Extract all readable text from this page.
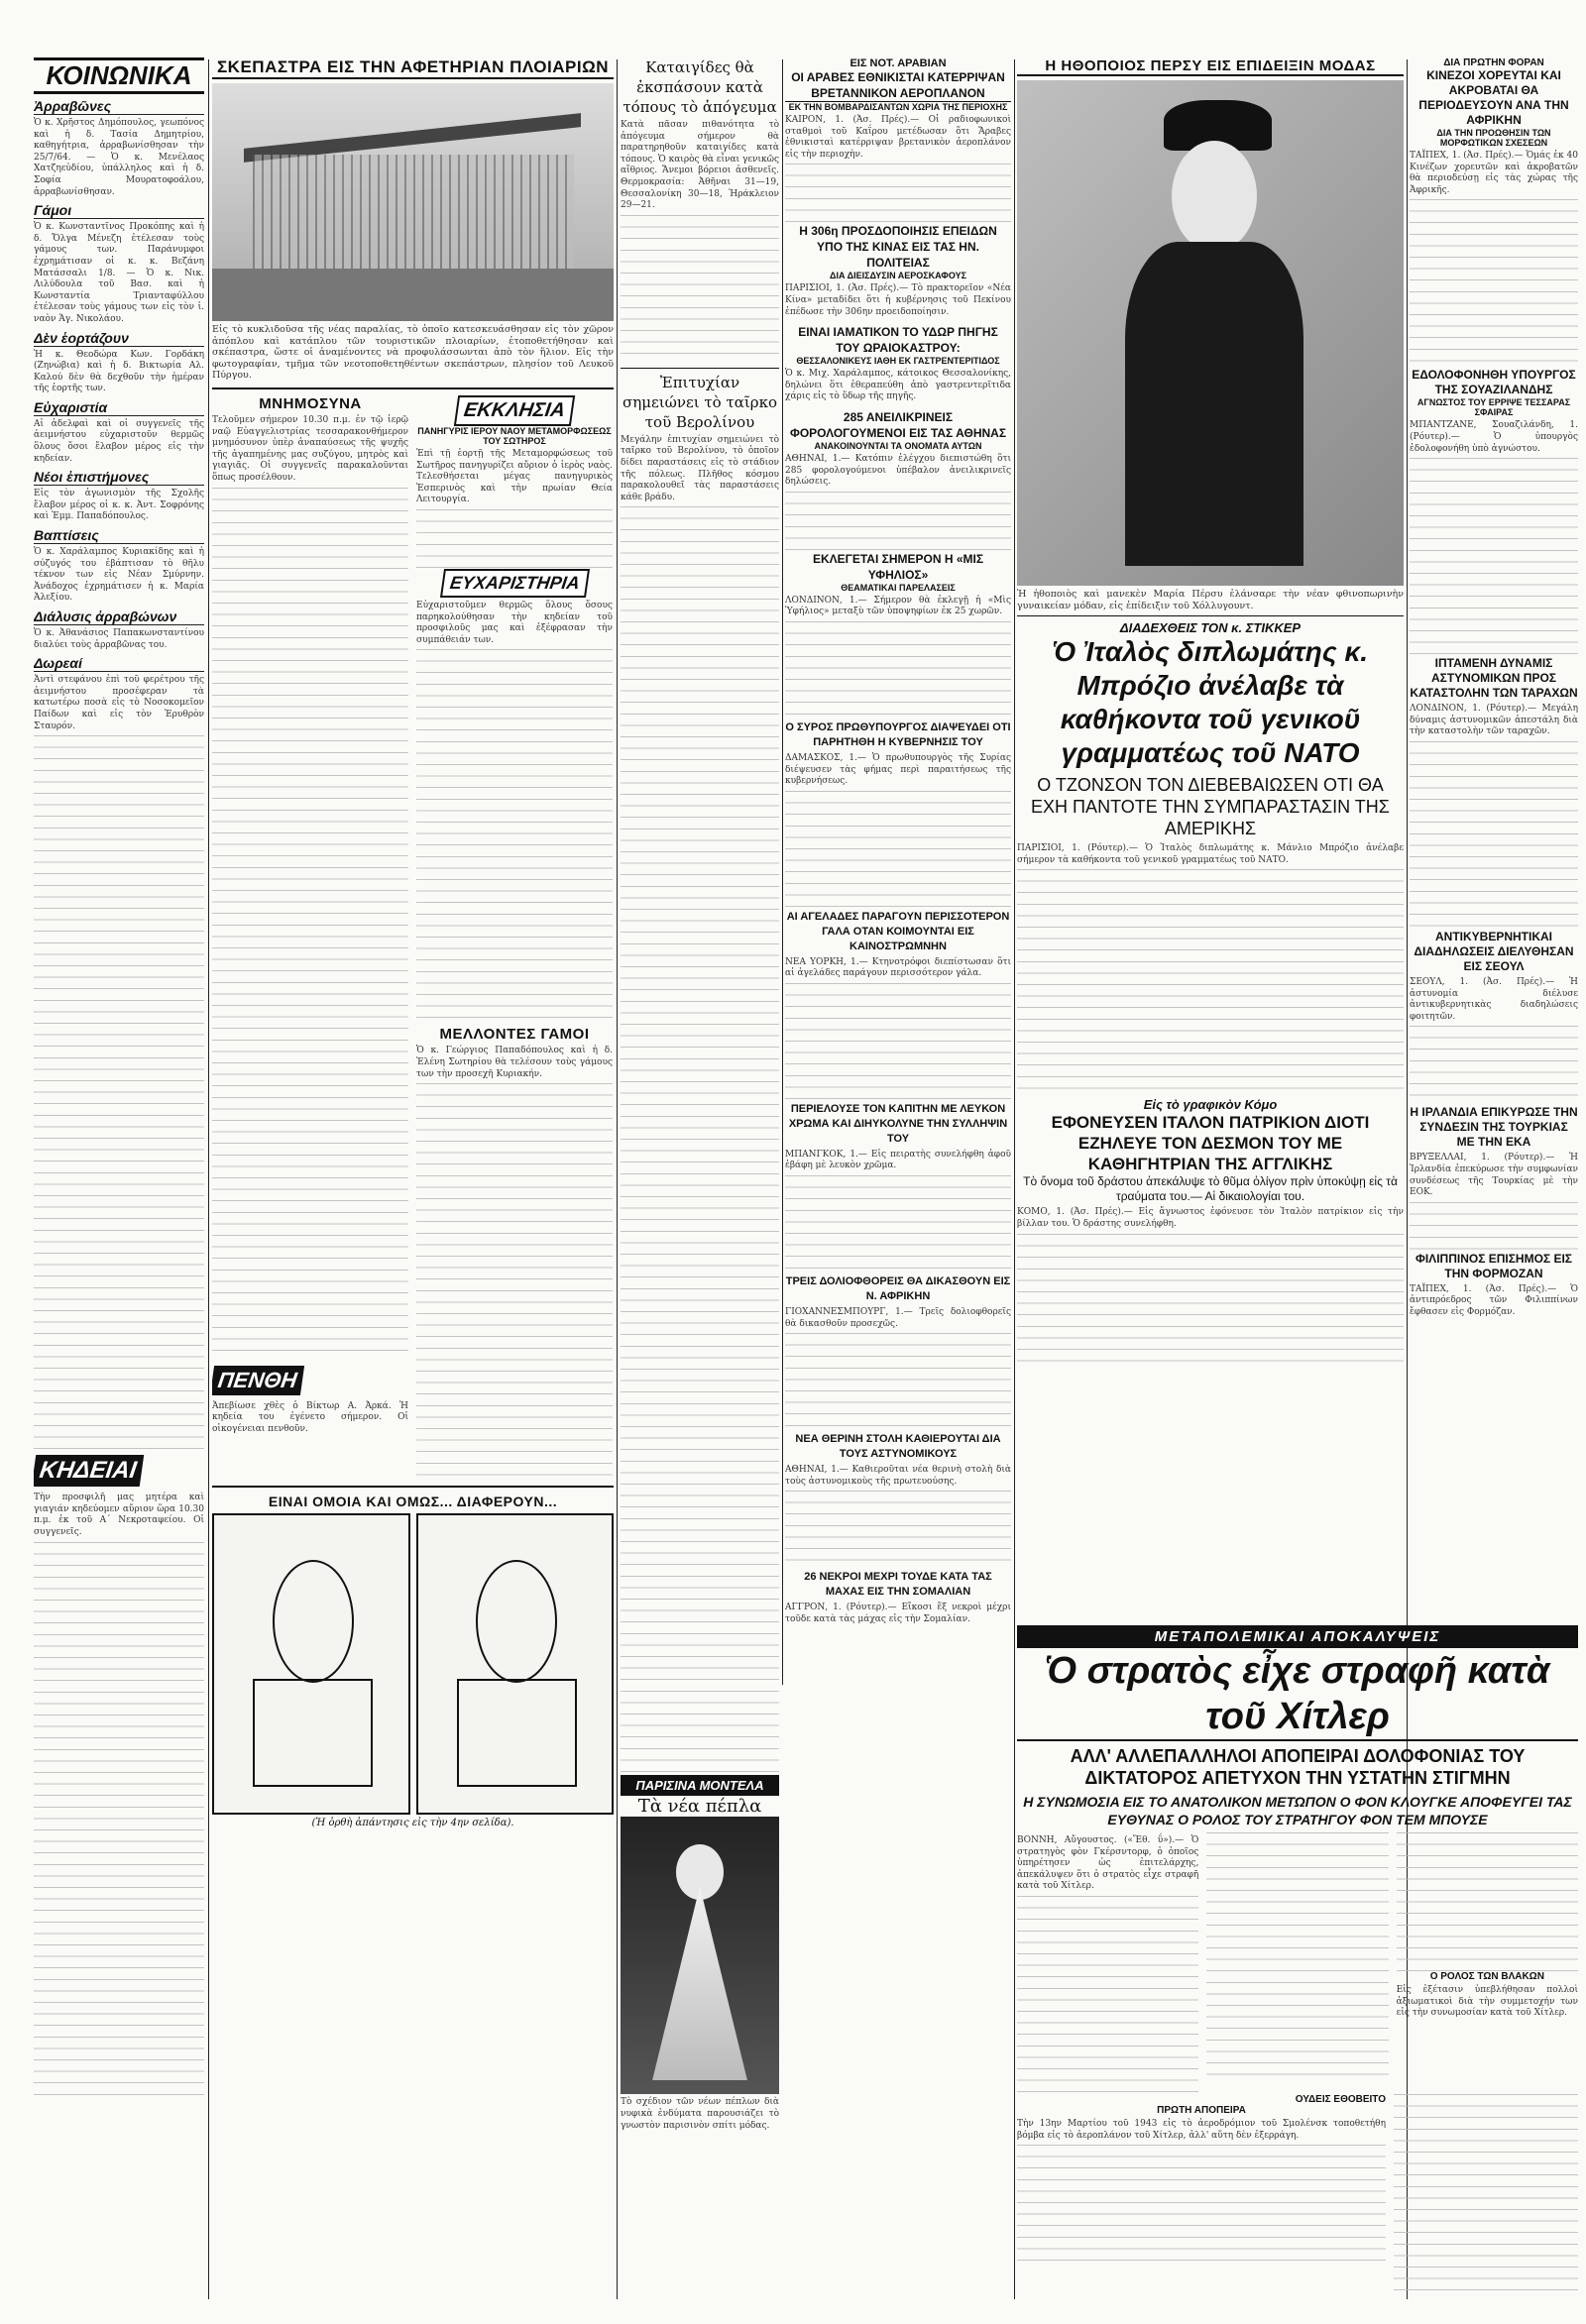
ΚΟΙΝΩΝΙΚΑ
Ἀρραβῶνες

Ὁ κ. Χρῆστος Δημόπουλος, γεωπόνος καὶ ἡ δ. Τασία Δημητρίου, καθηγήτρια, ἀρραβωνίσθησαν τὴν 25/7/64. — Ὁ κ. Μενέλαος Χατζηεὐδίου, ὑπάλληλος καὶ ἡ δ. Σοφία Μουρατοφοάλου, ἀρραβωνίσθησαν.

Γάμοι

Ὁ κ. Κωνσταντῖνος Προκόπης καὶ ἡ δ. Ὄλγα Μένεζη ἐτέλεσαν τοὺς γάμους των. Παράνυμφοι ἐχρημάτισαν οἱ κ. κ. Βεζάνη Ματάσσαλι 1/8. — Ὁ κ. Νικ. Λιλύδουλα τοῦ Βασ. καὶ ἡ Κωνσταντία Τριανταφύλλου ἐτέλεσαν τοὺς γάμους των εἰς τὸν ἱ. ναὸν Ἁγ. Νικολάου.

Δὲν ἑορτάζουν

Ἡ κ. Θεοδώρα Κων. Γορδάκη (Ζηνώβια) καὶ ἡ δ. Βικτωρία Αλ. Καλού δὲν θὰ δεχθοῦν τὴν ἡμέραν τῆς ἑορτῆς των.

Εὐχαριστία

Αἱ ἀδελφαὶ καὶ οἱ συγγενεῖς τῆς ἀειμνήστου εὐχαριστοῦν θερμῶς ὅλους ὅσοι ἔλαβον μέρος εἰς τὴν κηδείαν.

Νέοι ἐπιστήμονες

Εἰς τὸν ἀγωνισμὸν τῆς Σχολῆς ἔλαβον μέρος οἱ κ. κ. Ἀντ. Σοφρόνης καὶ Ἐμμ. Παπαδόπουλος.

Βαπτίσεις

Ὁ κ. Χαράλαμπος Κυριακίδης καὶ ἡ σύζυγός του ἐβάπτισαν τὸ θῆλυ τέκνον των εἰς Νέαν Σμύρνην. Ἀνάδοχος ἐχρημάτισεν ἡ κ. Μαρία Ἀλεξίου.

Διάλυσις ἀρραβώνων

Ὁ κ. Ἀθανάσιος Παπακωνσταντίνου διαλύει τοὺς ἀρραβῶνας του.

Δωρεαί

Ἀντὶ στεφάνου ἐπὶ τοῦ φερέτρου τῆς ἀειμνήστου προσέφεραν τὰ κατωτέρω ποσὰ εἰς τὸ Νοσοκομεῖον Παίδων καὶ εἰς τὸν Ἐρυθρὸν Σταυρόν.

ΚΗΔΕΙΑΙ

Τὴν προσφιλῆ μας μητέρα καὶ γιαγιάν κηδεύομεν αὔριον ὥρα 10.30 π.μ. ἐκ τοῦ Α΄ Νεκροταφείου. Οἱ συγγενεῖς.

ΣΚΕΠΑΣΤΡΑ ΕΙΣ ΤΗΝ ΑΦΕΤΗΡΙΑΝ ΠΛΟΙΑΡΙΩΝ

Εἰς τὸ κυκλιδοῦσα τῆς νέας παραλίας, τὸ ὁποῖο κατεσκευάσθησαν εἰς τὸν χῶρον ἀπόπλου καὶ κατάπλου τῶν τουριστικῶν πλοιαρίων, ἐτοποθετήθησαν καὶ σκέπαστρα, ὥστε οἱ ἀναμένοντες νὰ προφυλάσσωνται ἀπὸ τὸν ἥλιον. Εἰς τὴν φωτογραφίαν, τμῆμα τῶν νεοτοποθετηθέντων σκεπάστρων, πλησίον τοῦ Λευκοῦ Πύργου.

ΜΝΗΜΟΣΥΝΑ

Τελοῦμεν σήμερον 10.30 π.μ. ἐν τῷ ἱερῷ ναῷ Εὐαγγελιστρίας τεσσαρακονθήμερον μνημόσυνον ὑπὲρ ἀναπαύσεως τῆς ψυχῆς τῆς ἀγαπημένης μας συζύγου, μητρὸς καὶ γιαγιᾶς. Οἱ συγγενεῖς παρακαλοῦνται ὅπως προσέλθουν.

ΠΕΝΘΗ

Ἀπεβίωσε χθὲς ὁ Βίκτωρ Α. Ἀρκά. Ἡ κηδεία του ἐγένετο σήμερον. Οἱ οἰκογένειαι πενθοῦν.

ΕΚΚΛΗΣΙΑ
ΠΑΝΗΓΥΡΙΣ ΙΕΡΟΥ ΝΑΟΥ ΜΕΤΑΜΟΡΦΩΣΕΩΣ ΤΟΥ ΣΩΤΗΡΟΣ

Ἐπὶ τῇ ἑορτῇ τῆς Μεταμορφώσεως τοῦ Σωτῆρος πανηγυρίζει αὔριον ὁ ἱερὸς ναὸς. Τελεσθήσεται μέγας πανηγυρικὸς Ἑσπερινὸς καὶ τὴν πρωίαν Θεία Λειτουργία.

ΕΥΧΑΡΙΣΤΗΡΙΑ

Εὐχαριστοῦμεν θερμῶς ὅλους ὅσους παρηκολούθησαν τὴν κηδείαν τοῦ προσφιλοῦς μας καὶ ἐξέφρασαν τὴν συμπάθειάν των.

ΜΕΛΛΟΝΤΕΣ ΓΑΜΟΙ

Ὁ κ. Γεώργιος Παπαδόπουλος καὶ ἡ δ. Ἐλένη Σωτηρίου θὰ τελέσουν τοὺς γάμους των τὴν προσεχῆ Κυριακήν.

ΕΙΝΑΙ ΟΜΟΙΑ ΚΑΙ ΟΜΩΣ... ΔΙΑΦΕΡΟΥΝ...
(Ἡ ὀρθὴ ἀπάντησις εἰς τὴν 4ην σελίδα).
Καταιγίδες θὰ ἐκσπάσουν κατὰ τόπους τὸ ἀπόγευμα

Κατὰ πᾶσαν πιθανότητα τὸ ἀπόγευμα σήμερον θὰ παρατηρηθοῦν καταιγίδες κατὰ τόπους. Ὁ καιρὸς θὰ εἶναι γενικῶς αἴθριος. Ἄνεμοι βόρειοι ἀσθενεῖς. Θερμοκρασία: Ἀθῆναι 31—19, Θεσσαλονίκη 30—18, Ἡράκλειον 29—21.

Ἐπιτυχίαν σημειώνει τὸ ταῖρκο τοῦ Βερολίνου

Μεγάλην ἐπιτυχίαν σημειώνει τὸ ταῖρκο τοῦ Βερολίνου, τὸ ὁποῖον δίδει παραστάσεις εἰς τὸ στάδιον τῆς πόλεως. Πλῆθος κόσμου παρακολουθεῖ τὰς παραστάσεις κάθε βράδυ.

ΠΑΡΙΣΙΝΑ ΜΟΝΤΕΛΑ
Τὰ νέα πέπλα

Τὸ σχέδιον τῶν νέων πέπλων διὰ νυφικὰ ἐνδύματα παρουσιάζει τὸ γνωστὸν παρισινὸν σπίτι μόδας.

ΕΙΣ ΝΟΤ. ΑΡΑΒΙΑΝ
ΟΙ ΑΡΑΒΕΣ ΕΘΝΙΚΙΣΤΑΙ ΚΑΤΕΡΡΙΨΑΝ ΒΡΕΤΑΝΝΙΚΟΝ ΑΕΡΟΠΛΑΝΟΝ
ΕΚ ΤΗΝ ΒΟΜΒΑΡΔΙΣΑΝΤΩΝ ΧΩΡΙΑ ΤΗΣ ΠΕΡΙΟΧΗΣ

ΚΑΙΡΟΝ, 1. (Ἀσ. Πρές).— Οἱ ραδιοφωνικοὶ σταθμοὶ τοῦ Καΐρου μετέδωσαν ὅτι Ἄραβες ἐθνικισταὶ κατέρριψαν βρετανικὸν ἀεροπλάνον εἰς τὴν περιοχὴν.

Η 306η ΠΡΟΣΔΟΠΟΙΗΣΙΣ ΕΠΕΙΔΩΝ ΥΠΟ ΤΗΣ ΚΙΝΑΣ ΕΙΣ ΤΑΣ ΗΝ. ΠΟΛΙΤΕΙΑΣ
ΔΙΑ ΔΙΕΙΣΔΥΣΙΝ ΑΕΡΟΣΚΑΦΟΥΣ

ΠΑΡΙΣΙΟΙ, 1. (Ἀσ. Πρές).— Τὸ πρακτορεῖον «Νέα Κίνα» μεταδίδει ὅτι ἡ κυβέρνησις τοῦ Πεκίνου ἐπέδωσε τὴν 306ην προειδοποίησιν.

ΕΙΝΑΙ ΙΑΜΑΤΙΚΟΝ ΤΟ ΥΔΩΡ ΠΗΓΗΣ ΤΟΥ ΩΡΑΙΟΚΑΣΤΡΟΥ:
ΘΕΣΣΑΛΟΝΙΚΕΥΣ ΙΑΘΗ ΕΚ ΓΑΣΤΡΕΝΤΕΡΙΤΙΔΟΣ

Ὁ κ. Μιχ. Χαράλαμπος, κάτοικος Θεσσαλονίκης, δηλώνει ὅτι ἐθεραπεύθη ἀπὸ γαστρεντερῖτιδα χάρις εἰς τὸ ὕδωρ τῆς πηγῆς.

285 ΑΝΕΙΛΙΚΡΙΝΕΙΣ ΦΟΡΟΛΟΓΟΥΜΕΝΟΙ ΕΙΣ ΤΑΣ ΑΘΗΝΑΣ
ΑΝΑΚΟΙΝΟΥΝΤΑΙ ΤΑ ΟΝΟΜΑΤΑ ΑΥΤΩΝ

ΑΘΗΝΑΙ, 1.— Κατόπιν ἐλέγχου διεπιστώθη ὅτι 285 φορολογούμενοι ὑπέβαλον ἀνειλικρινεῖς δηλώσεις.

ΕΚΛΕΓΕΤΑΙ ΣΗΜΕΡΟΝ Η «ΜΙΣ ΥΦΗΛΙΟΣ»
ΘΕΑΜΑΤΙΚΑΙ ΠΑΡΕΛΑΣΕΙΣ

ΛΟΝΔΙΝΟΝ, 1.— Σήμερον θὰ ἐκλεγῇ ἡ «Μὶς Ὑφήλιος» μεταξὺ τῶν ὑποψηφίων ἐκ 25 χωρῶν.

Ο ΣΥΡΟΣ ΠΡΩΘΥΠΟΥΡΓΟΣ ΔΙΑΨΕΥΔΕΙ ΟΤΙ ΠΑΡΗΤΗΘΗ Η ΚΥΒΕΡΝΗΣΙΣ ΤΟΥ

ΔΑΜΑΣΚΟΣ, 1.— Ὁ πρωθυπουργὸς τῆς Συρίας διέψευσεν τὰς φήμας περὶ παραιτήσεως τῆς κυβερνήσεως.

ΑΙ ΑΓΕΛΑΔΕΣ ΠΑΡΑΓΟΥΝ ΠΕΡΙΣΣΟΤΕΡΟΝ ΓΑΛΑ ΟΤΑΝ ΚΟΙΜΟΥΝΤΑΙ ΕΙΣ ΚΑΙΝΟΣΤΡΩΜΝΗΝ

ΝΕΑ ΥΟΡΚΗ, 1.— Κτηνοτρόφοι διεπίστωσαν ὅτι αἱ ἀγελάδες παράγουν περισσότερον γάλα.

ΠΕΡΙΕΛΟΥΣΕ ΤΟΝ ΚΑΠΙΤΗΝ ΜΕ ΛΕΥΚΟΝ ΧΡΩΜΑ ΚΑΙ ΔΙΗΥΚΟΛΥΝΕ ΤΗΝ ΣΥΛΛΗΨΙΝ ΤΟΥ

ΜΠΑΝΓΚΟΚ, 1.— Εἰς πειρατὴς συνελήφθη ἀφοῦ ἐβάφη μὲ λευκὸν χρῶμα.

ΤΡΕΙΣ ΔΟΛΙΟΦΘΟΡΕΙΣ ΘΑ ΔΙΚΑΣΘΟΥΝ ΕΙΣ Ν. ΑΦΡΙΚΗΝ

ΓΙΟΧΑΝΝΕΣΜΠΟΥΡΓ, 1.— Τρεῖς δολιοφθορεῖς θὰ δικασθοῦν προσεχῶς.

ΝΕΑ ΘΕΡΙΝΗ ΣΤΟΛΗ ΚΑΘΙΕΡΟΥΤΑΙ ΔΙΑ ΤΟΥΣ ΑΣΤΥΝΟΜΙΚΟΥΣ

ΑΘΗΝΑΙ, 1.— Καθιεροῦται νέα θερινὴ στολὴ διὰ τοὺς ἀστυνομικοὺς τῆς πρωτευούσης.

26 ΝΕΚΡΟΙ ΜΕΧΡΙ ΤΟΥΔΕ ΚΑΤΑ ΤΑΣ ΜΑΧΑΣ ΕΙΣ ΤΗΝ ΣΟΜΑΛΙΑΝ

ΑΓΓΡΟΝ, 1. (Ρόυτερ).— Εἴκοσι ἕξ νεκροὶ μέχρι τοῦδε κατὰ τὰς μάχας εἰς τὴν Σομαλίαν.

Η ΗΘΟΠΟΙΟΣ ΠΕΡΣΥ ΕΙΣ ΕΠΙΔΕΙΞΙΝ ΜΟΔΑΣ

Ἡ ἡθοποιὸς καὶ μανεκὲν Μαρία Πέρσυ ἐλάνσαρε τὴν νέαν φθινοπωρινὴν γυναικείαν μόδαν, εἰς ἐπίδειξιν τοῦ Χόλλυγουντ.

ΔΙΑΔΕΧΘΕΙΣ ΤΟΝ κ. ΣΤΙΚΚΕΡ
Ὁ Ἰταλὸς διπλωμάτης κ. Μπρόζιο ἀνέλαβε τὰ καθήκοντα τοῦ γενικοῦ γραμματέως τοῦ ΝΑΤΟ
Ο ΤΖΟΝΣΟΝ ΤΟΝ ΔΙΕΒΕΒΑΙΩΣΕΝ ΟΤΙ ΘΑ ΕΧΗ ΠΑΝΤΟΤΕ ΤΗΝ ΣΥΜΠΑΡΑΣΤΑΣΙΝ ΤΗΣ ΑΜΕΡΙΚΗΣ

ΠΑΡΙΣΙΟΙ, 1. (Ρόυτερ).— Ὁ Ἰταλὸς διπλωμάτης κ. Μάνλιο Μπρόζιο ἀνέλαβε σήμερον τὰ καθήκοντα τοῦ γενικοῦ γραμματέως τοῦ ΝΑΤΟ.

Εἰς τὸ γραφικὸν Κόμο
ΕΦΟΝΕΥΣΕΝ ΙΤΑΛΟΝ ΠΑΤΡΙΚΙΟΝ ΔΙΟΤΙ ΕΖΗΛΕΥΕ ΤΟΝ ΔΕΣΜΟΝ ΤΟΥ ΜΕ ΚΑΘΗΓΗΤΡΙΑΝ ΤΗΣ ΑΓΓΛΙΚΗΣ
Τὸ ὄνομα τοῦ δράστου ἀπεκάλυψε τὸ θῦμα ὀλίγον πρὶν ὑποκύψῃ εἰς τὰ τραύματα του.— Αἱ δικαιολογίαι του.

ΚΟΜΟ, 1. (Ἀσ. Πρές).— Εἰς ἄγνωστος ἐφόνευσε τὸν Ἰταλὸν πατρίκιον εἰς τὴν βίλλαν του. Ὁ δράστης συνελήφθη.

ΜΕΤΑΠΟΛΕΜΙΚΑΙ ΑΠΟΚΑΛΥΨΕΙΣ
Ὁ στρατὸς εἶχε στραφῆ κατὰ τοῦ Χίτλερ
ΑΛΛ' ΑΛΛΕΠΑΛΛΗΛΟΙ ΑΠΟΠΕΙΡΑΙ ΔΟΛΟΦΟΝΙΑΣ ΤΟΥ ΔΙΚΤΑΤΟΡΟΣ ΑΠΕΤΥΧΟΝ ΤΗΝ ΥΣΤΑΤΗΝ ΣΤΙΓΜΗΝ
Η ΣΥΝΩΜΟΣΙΑ ΕΙΣ ΤΟ ΑΝΑΤΟΛΙΚΟΝ ΜΕΤΩΠΟΝ Ο ΦΟΝ ΚΛΟΥΓΚΕ ΑΠΟΦΕΥΓΕΙ ΤΑΣ ΕΥΘΥΝΑΣ Ο ΡΟΛΟΣ ΤΟΥ ΣΤΡΑΤΗΓΟΥ ΦΟΝ ΤΕΜ ΜΠΟΥΣΕ

ΒΟΝΝΗ, Αὔγουστος. («Ἔθ. ΰ»).— Ὁ στρατηγὸς φὸν Γκέρσντορφ, ὁ ὁποῖος ὑπηρέτησεν ὡς ἐπιτελάρχης, ἀπεκάλυψεν ὅτι ὁ στρατὸς εἶχε στραφῆ κατὰ τοῦ Χίτλερ.

Ο ΡΟΛΟΣ ΤΩΝ ΒΛΑΚΩΝ

Εἰς ἐξέτασιν ὑπεβλήθησαν πολλοὶ ἀξιωματικοὶ διὰ τὴν συμμετοχήν των εἰς τὴν συνωμοσίαν κατὰ τοῦ Χίτλερ.

ΟΥΔΕΙΣ ΕΘΟΒΕΙΤΟ
ΠΡΩΤΗ ΑΠΟΠΕΙΡΑ

Τὴν 13ην Μαρτίου τοῦ 1943 εἰς τὸ ἀεροδρόμιον τοῦ Σμολένσκ τοποθετήθη βόμβα εἰς τὸ ἀεροπλάνον τοῦ Χίτλερ, ἀλλ' αὕτη δὲν ἐξερράγη.

ΔΙΑ ΠΡΩΤΗΝ ΦΟΡΑΝ
ΚΙΝΕΖΟΙ ΧΟΡΕΥΤΑΙ ΚΑΙ ΑΚΡΟΒΑΤΑΙ ΘΑ ΠΕΡΙΟΔΕΥΣΟΥΝ ΑΝΑ ΤΗΝ ΑΦΡΙΚΗΝ
ΔΙΑ ΤΗΝ ΠΡΟΩΘΗΣΙΝ ΤΩΝ ΜΟΡΦΩΤΙΚΩΝ ΣΧΕΣΕΩΝ

ΤΑΪΠΕΧ, 1. (Ἀσ. Πρές).— Ὁμάς ἐκ 40 Κινέζων χορευτῶν καὶ ἀκροβατῶν θὰ περιοδεύσῃ εἰς τὰς χώρας τῆς Ἀφρικῆς.

ΕΔΟΛΟΦΟΝΗΘΗ ΥΠΟΥΡΓΟΣ ΤΗΣ ΣΟΥΑΖΙΛΑΝΔΗΣ
ΑΓΝΩΣΤΟΣ ΤΟΥ ΕΡΡΙΨΕ ΤΕΣΣΑΡΑΣ ΣΦΑΙΡΑΣ

ΜΠΑΝΤΖΑΝΕ, Σουαζιλάνδη, 1. (Ρόυτερ).— Ὁ ὑπουργὸς ἐδολοφονήθη ὑπὸ ἀγνώστου.

ΙΠΤΑΜΕΝΗ ΔΥΝΑΜΙΣ ΑΣΤΥΝΟΜΙΚΩΝ ΠΡΟΣ ΚΑΤΑΣΤΟΛΗΝ ΤΩΝ ΤΑΡΑΧΩΝ

ΛΟΝΔΙΝΟΝ, 1. (Ρόυτερ).— Μεγάλη δύναμις ἀστυνομικῶν ἀπεστάλη διὰ τὴν καταστολὴν τῶν ταραχῶν.

ΑΝΤΙΚΥΒΕΡΝΗΤΙΚΑΙ ΔΙΑΔΗΛΩΣΕΙΣ ΔΙΕΛΥΘΗΣΑΝ ΕΙΣ ΣΕΟΥΛ

ΣΕΟΥΛ, 1. (Ἀσ. Πρές).— Ἡ ἀστυνομία διέλυσε ἀντικυβερνητικὰς διαδηλώσεις φοιτητῶν.

Η ΙΡΛΑΝΔΙΑ ΕΠΙΚΥΡΩΣΕ ΤΗΝ ΣΥΝΔΕΣΙΝ ΤΗΣ ΤΟΥΡΚΙΑΣ ΜΕ ΤΗΝ ΕΚΑ

ΒΡΥΞΕΛΛΑΙ, 1. (Ρόυτερ).— Ἡ Ἰρλανδία ἐπεκύρωσε τὴν συμφωνίαν συνδέσεως τῆς Τουρκίας μὲ τὴν ΕΟΚ.

ΦΙΛΙΠΠΙΝΟΣ ΕΠΙΣΗΜΟΣ ΕΙΣ ΤΗΝ ΦΟΡΜΟΖΑΝ

ΤΑΪΠΕΧ, 1. (Ἀσ. Πρές).— Ὁ ἀντιπρόεδρος τῶν Φιλιππίνων ἔφθασεν εἰς Φορμόζαν.
